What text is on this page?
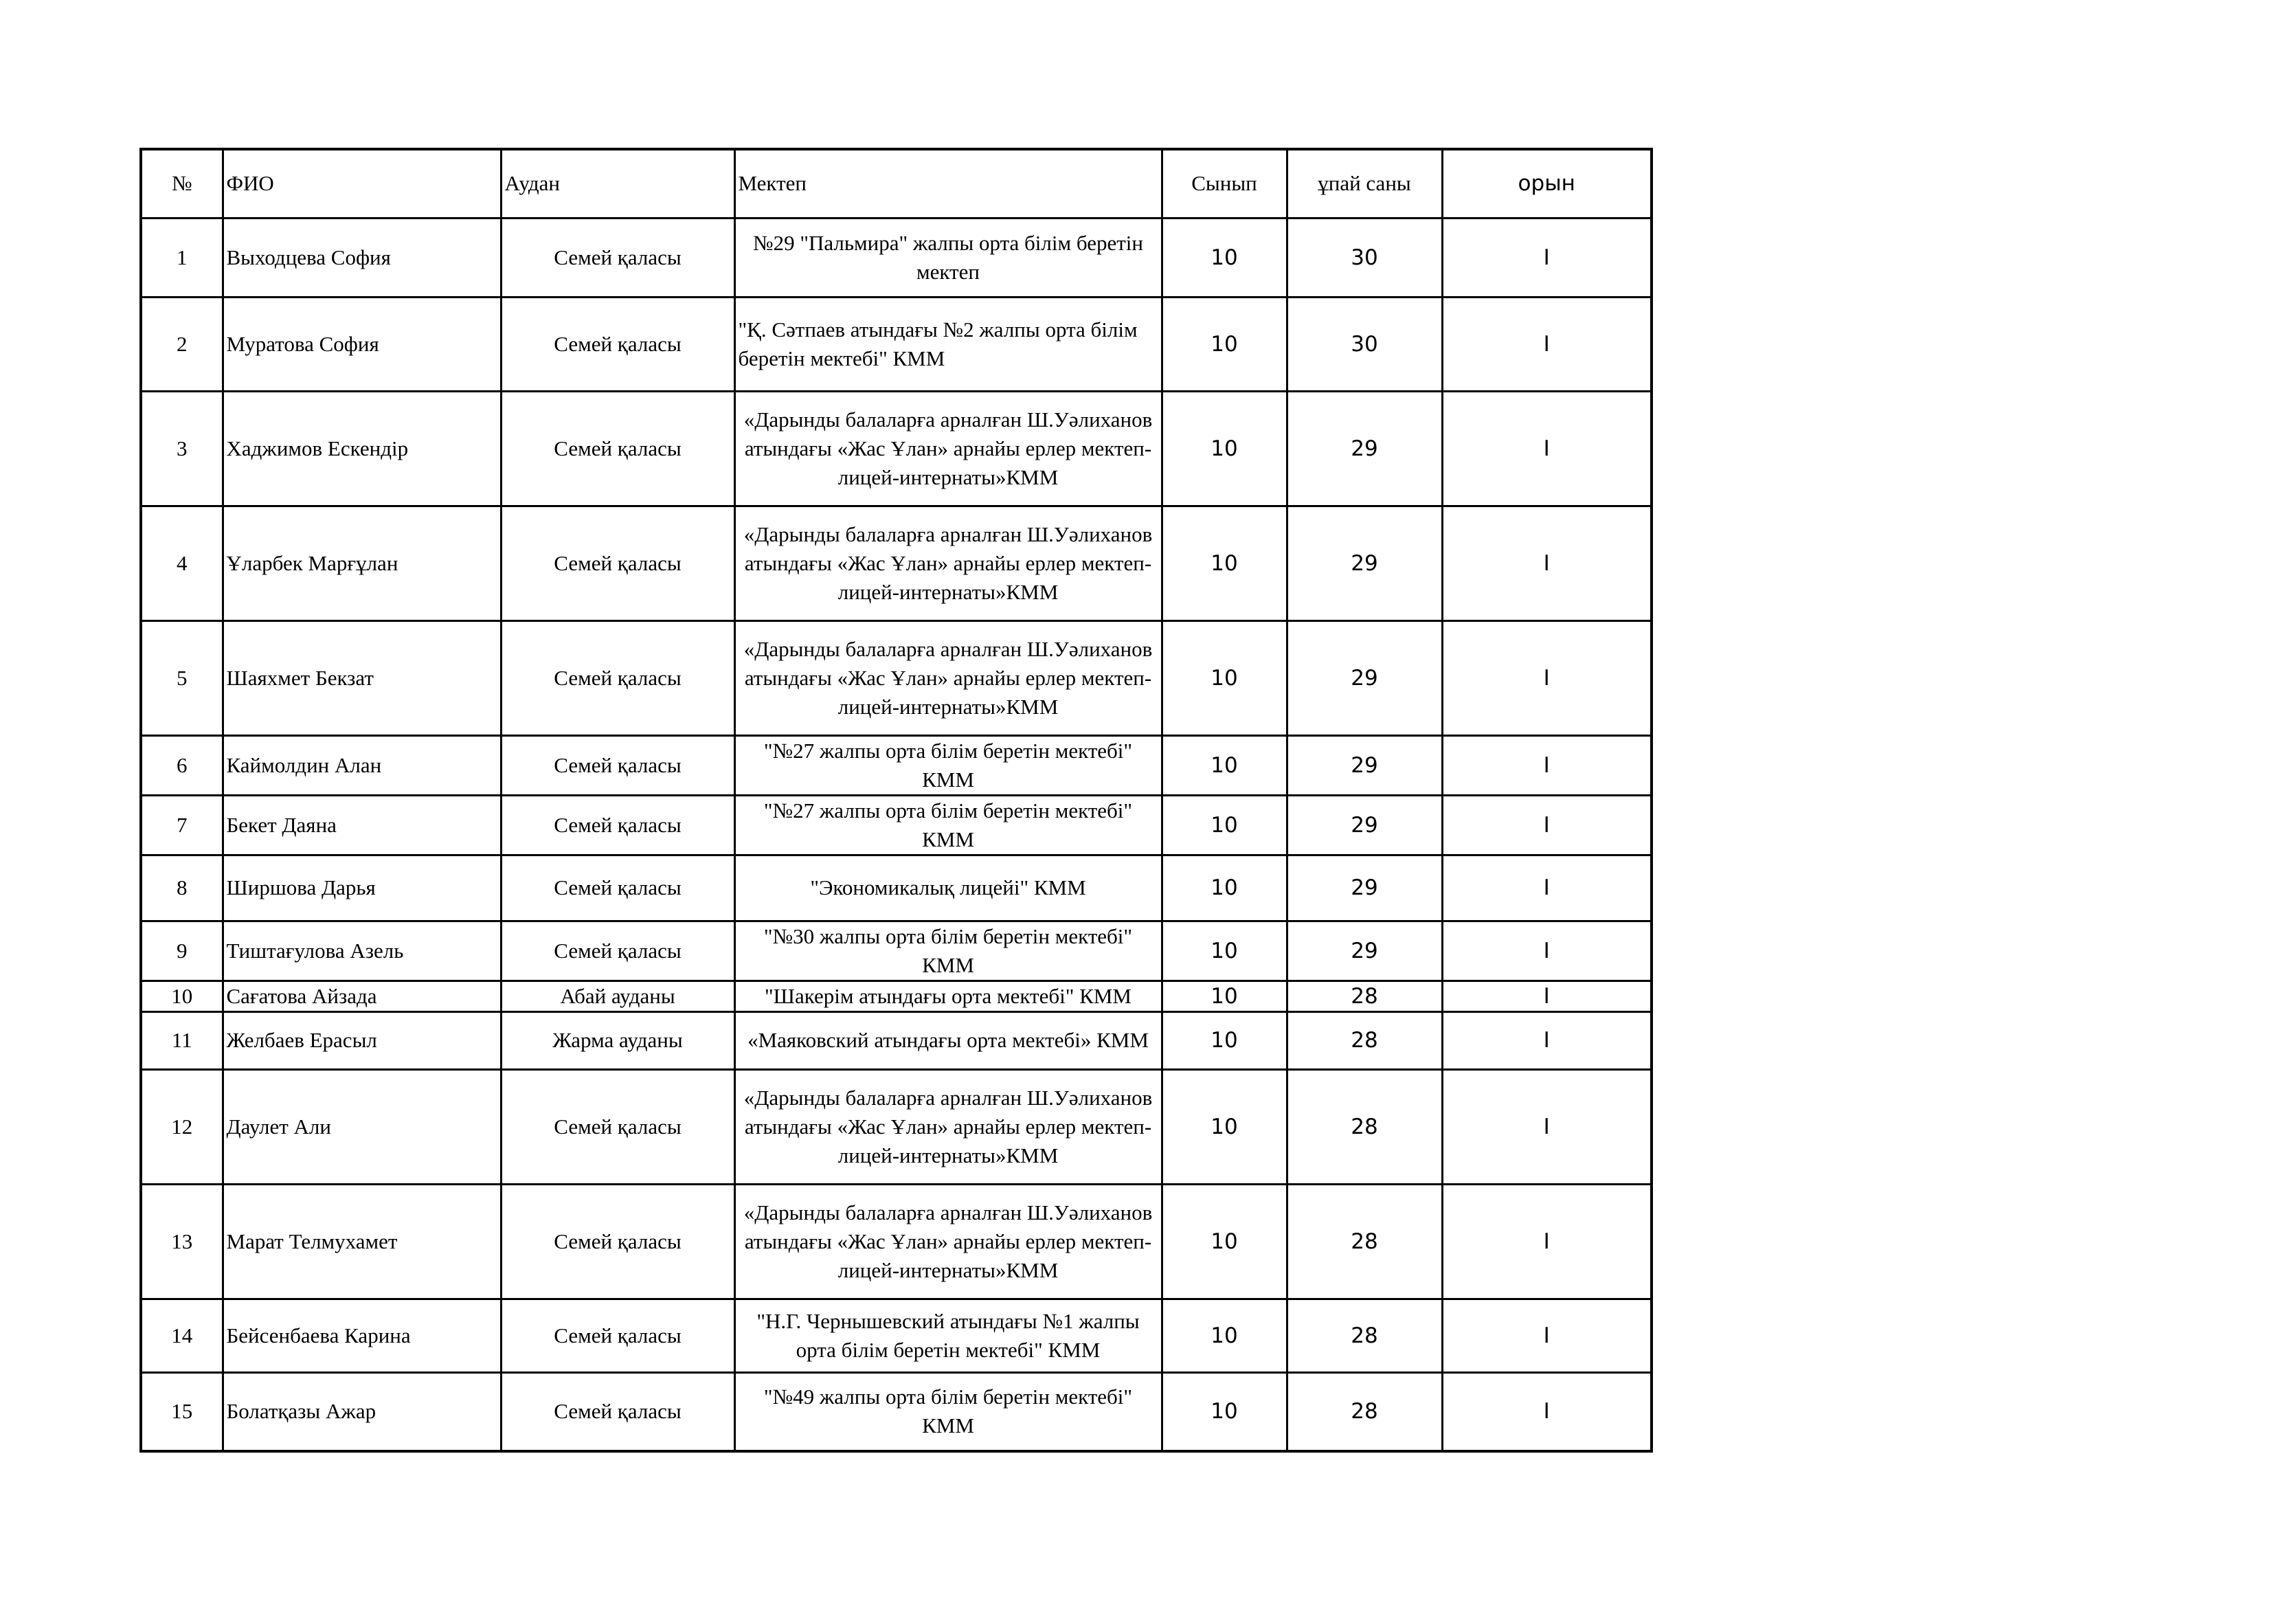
№	ФИО	Аудан	Мектеп	Сынып	ұпай саны	орын
1	Выходцева София	Семей қаласы	№29 "Пальмира" жалпы орта білім беретін мектеп	10	30	I
2	Муратова София	Семей қаласы	"Қ. Сәтпаев атындағы №2 жалпы орта білім беретін мектебі" КММ	10	30	I
3	Хаджимов Ескендір	Семей қаласы	«Дарынды балаларға арналған Ш.Уәлиханов атындағы «Жас Ұлан» арнайы ерлер мектеп-лицей-интернаты»КММ	10	29	I
4	Ұларбек Марғұлан	Семей қаласы	«Дарынды балаларға арналған Ш.Уәлиханов атындағы «Жас Ұлан» арнайы ерлер мектеп-лицей-интернаты»КММ	10	29	I
5	Шаяхмет Бекзат	Семей қаласы	«Дарынды балаларға арналған Ш.Уәлиханов атындағы «Жас Ұлан» арнайы ерлер мектеп-лицей-интернаты»КММ	10	29	I
6	Каймолдин Алан	Семей қаласы	"№27 жалпы орта білім беретін мектебі" КММ	10	29	I
7	Бекет Даяна	Семей қаласы	"№27 жалпы орта білім беретін мектебі" КММ	10	29	I
8	Ширшова Дарья	Семей қаласы	"Экономикалық лицейі" КММ	10	29	I
9	Тиштағулова Азель	Семей қаласы	"№30 жалпы орта білім беретін мектебі" КММ	10	29	I
10	Сағатова Айзада	Абай ауданы	"Шакерім атындағы орта мектебі" КММ	10	28	I
11	Желбаев Ерасыл	Жарма ауданы	«Маяковский атындағы орта мектебі» КММ	10	28	I
12	Даулет Али	Семей қаласы	«Дарынды балаларға арналған Ш.Уәлиханов атындағы «Жас Ұлан» арнайы ерлер мектеп-лицей-интернаты»КММ	10	28	I
13	Марат Телмухамет	Семей қаласы	«Дарынды балаларға арналған Ш.Уәлиханов атындағы «Жас Ұлан» арнайы ерлер мектеп-лицей-интернаты»КММ	10	28	I
14	Бейсенбаева Карина	Семей қаласы	"Н.Г. Чернышевский атындағы №1 жалпы орта білім беретін мектебі" КММ	10	28	I
15	Болатқазы Ажар	Семей қаласы	"№49 жалпы орта білім беретін мектебі" КММ	10	28	I
